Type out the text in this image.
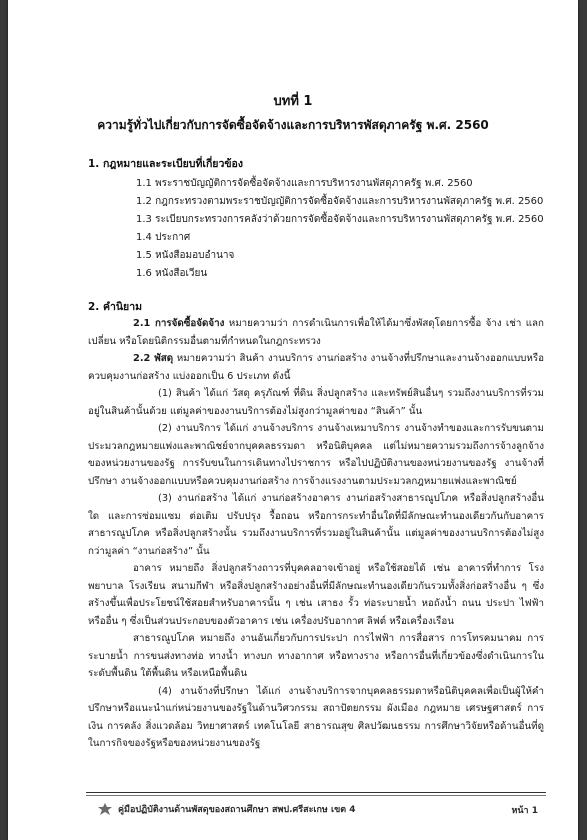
บทที่ 1
ความรู้ทั่วไปเกี่ยวกับการจัดซื้อจัดจ้างและการบริหารพัสดุภาครัฐ พ.ศ. 2560
1. กฎหมายและระเบียบที่เกี่ยวข้อง
1.1 พระราชบัญญัติการจัดซื้อจัดจ้างและการบริหารงานพัสดุภาครัฐ พ.ศ. 2560
1.2 กฎกระทรวงตามพระราชบัญญัติการจัดซื้อจัดจ้างและการบริหารงานพัสดุภาครัฐ พ.ศ. 2560
1.3 ระเบียบกระทรวงการคลังว่าด้วยการจัดซื้อจัดจ้างและการบริหารงานพัสดุภาครัฐ พ.ศ. 2560
1.4 ประกาศ
1.5 หนังสือมอบอำนาจ
1.6 หนังสือเวียน
2. คำนิยาม

2.1 การจัดซื้อจัดจ้าง หมายความว่า การดำเนินการเพื่อให้ได้มาซึ่งพัสดุโดยการซื้อ จ้าง เช่า แลกเปลี่ยน หรือโดยนิติกรรมอื่นตามที่กำหนดในกฎกระทรวง

2.2 พัสดุ หมายความว่า สินค้า งานบริการ งานก่อสร้าง งานจ้างที่ปรึกษาและงานจ้างออกแบบหรือควบคุมงานก่อสร้าง แบ่งออกเป็น 6 ประเภท ดังนี้

(1) สินค้า ได้แก่ วัสดุ ครุภัณฑ์ ที่ดิน สิ่งปลูกสร้าง และทรัพย์สินอื่นๆ รวมถึงงานบริการที่รวมอยู่ในสินค้านั้นด้วย แต่มูลค่าของงานบริการต้องไม่สูงกว่ามูลค่าของ “สินค้า” นั้น

(2) งานบริการ ได้แก่ งานจ้างบริการ งานจ้างเหมาบริการ งานจ้างทำของและการรับขนตามประมวลกฎหมายแพ่งและพาณิชย์จากบุคคลธรรมดา หรือนิติบุคคล แต่ไม่หมายความรวมถึงการจ้างลูกจ้างของหน่วยงานของรัฐ การรับขนในการเดินทางไปราชการ หรือไปปฏิบัติงานของหน่วยงานของรัฐ งานจ้างที่ปรึกษา งานจ้างออกแบบหรือควบคุมงานก่อสร้าง การจ้างแรงงานตามประมวลกฎหมายแพ่งและพาณิชย์

(3) งานก่อสร้าง ได้แก่ งานก่อสร้างอาคาร งานก่อสร้างสาธารณูปโภค หรือสิ่งปลูกสร้างอื่นใด และการซ่อมแซม ต่อเติม ปรับปรุง รื้อถอน หรือการกระทำอื่นใดที่มีลักษณะทำนองเดียวกันกับอาคาร สาธารณูปโภค หรือสิ่งปลูกสร้างนั้น รวมถึงงานบริการที่รวมอยู่ในสินค้านั้น แต่มูลค่าของงานบริการต้องไม่สูงกว่ามูลค่า “งานก่อสร้าง” นั้น

อาคาร หมายถึง สิ่งปลูกสร้างถาวรที่บุคคลอาจเข้าอยู่ หรือใช้สอยได้ เช่น อาคารที่ทำการ โรงพยาบาล โรงเรียน สนามกีฬา หรือสิ่งปลูกสร้างอย่างอื่นที่มีลักษณะทำนองเดียวกันรวมทั้งสิ่งก่อสร้างอื่น ๆ ซึ่งสร้างขึ้นเพื่อประโยชน์ใช้สอยสำหรับอาคารนั้น ๆ เช่น เสาธง รั้ว ท่อระบายน้ำ หอถังน้ำ ถนน ประปา ไฟฟ้า หรืออื่น ๆ ซึ่งเป็นส่วนประกอบของตัวอาคาร เช่น เครื่องปรับอากาศ ลิฟต์ หรือเครื่องเรือน

สาธารณูปโภค หมายถึง งานอันเกี่ยวกับการประปา การไฟฟ้า การสื่อสาร การโทรคมนาคม การระบายน้ำ การขนส่งทางท่อ ทางน้ำ ทางบก ทางอากาศ หรือทางราง หรือการอื่นที่เกี่ยวข้องซึ่งดำเนินการในระดับพื้นดิน ใต้พื้นดิน หรือเหนือพื้นดิน

(4) งานจ้างที่ปรึกษา ได้แก่ งานจ้างบริการจากบุคคลธรรมดาหรือนิติบุคคลเพื่อเป็นผู้ให้คำปรึกษาหรือแนะนำแก่หน่วยงานของรัฐในด้านวิศวกรรม สถาปัตยกรรม ผังเมือง กฎหมาย เศรษฐศาสตร์ การเงิน การคลัง สิ่งแวดล้อม วิทยาศาสตร์ เทคโนโลยี สาธารณสุข ศิลปวัฒนธรรม การศึกษาวิจัยหรือด้านอื่นที่ดูในการกิจของรัฐหรือของหน่วยงานของรัฐ

คู่มือปฏิบัติงานด้านพัสดุของสถานศึกษา สพป.ศรีสะเกษ เขต 4	หน้า 1
